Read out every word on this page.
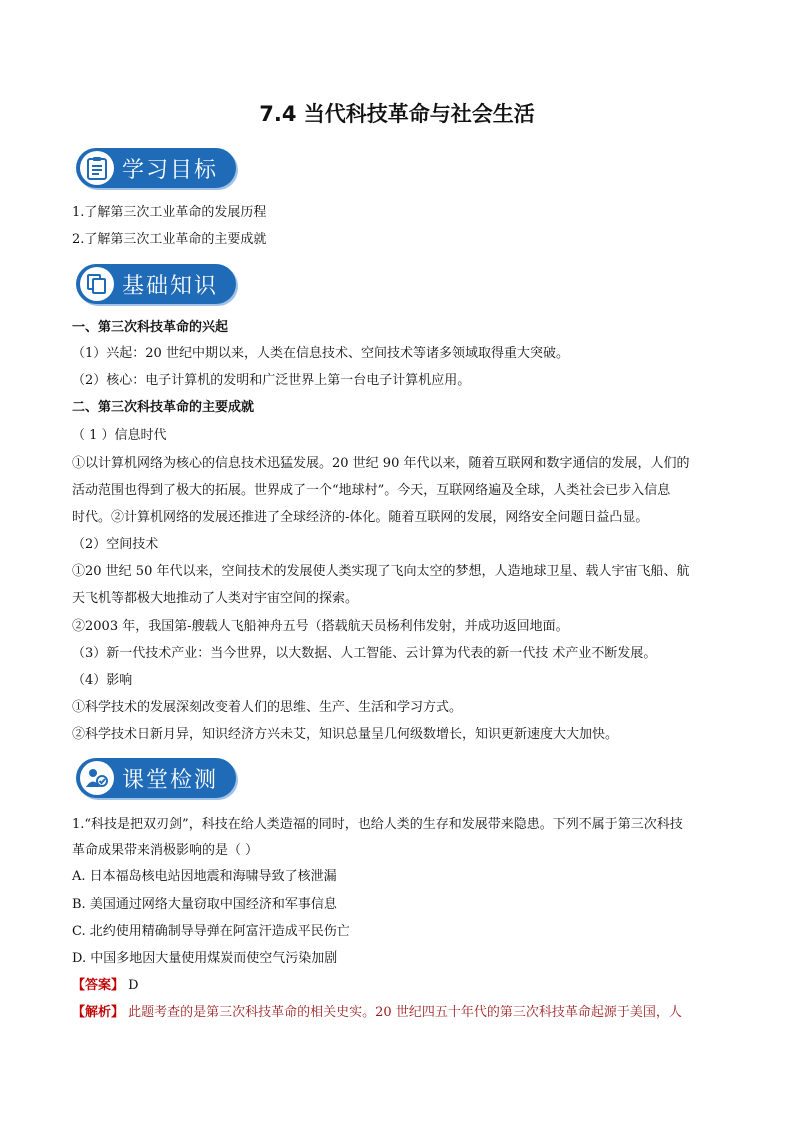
7.4 当代科技革命与社会生活
学习目标
1.了解第三次工业革命的发展历程
2.了解第三次工业革命的主要成就
基础知识
一、第三次科技革命的兴起
（1）兴起：20 世纪中期以来，人类在信息技术、空间技术等诸多领域取得重大突破。
（2）核心：电子计算机的发明和广泛世界上第一台电子计算机应用。
二、第三次科技革命的主要成就
（ 1 ）信息时代
①以计算机网络为核心的信息技术迅猛发展。20 世纪 90 年代以来，随着互联网和数字通信的发展，人们的
活动范围也得到了极大的拓展。世界成了一个“地球村”。今天，互联网络遍及全球，人类社会已步入信息
时代。②计算机网络的发展还推进了全球经济的-体化。随着互联网的发展，网络安全问题日益凸显。
（2）空间技术
①20 世纪 50 年代以来，空间技术的发展使人类实现了飞向太空的梦想，人造地球卫星、载人宇宙飞船、航
天飞机等都极大地推动了人类对宇宙空间的探索。
②2003 年，我国第-艘载人飞船神舟五号（搭载航天员杨利伟发射，并成功返回地面。
（3）新一代技术产业：当今世界，以大数据、人工智能、云计算为代表的新一代技 术产业不断发展。
（4）影响
①科学技术的发展深刻改变着人们的思维、生产、生活和学习方式。
②科学技术日新月异，知识经济方兴未艾，知识总量呈几何级数增长，知识更新速度大大加快。
课堂检测
1.“科技是把双刃剑”，科技在给人类造福的同时，也给人类的生存和发展带来隐患。下列不属于第三次科技
革命成果带来消极影响的是（ ）
A. 日本福岛核电站因地震和海啸导致了核泄漏
B. 美国通过网络大量窃取中国经济和军事信息
C. 北约使用精确制导导弹在阿富汗造成平民伤亡
D. 中国多地因大量使用煤炭而使空气污染加剧
【答案】 D
【解析】 此题考查的是第三次科技革命的相关史实。20 世纪四五十年代的第三次科技革命起源于美国，人
